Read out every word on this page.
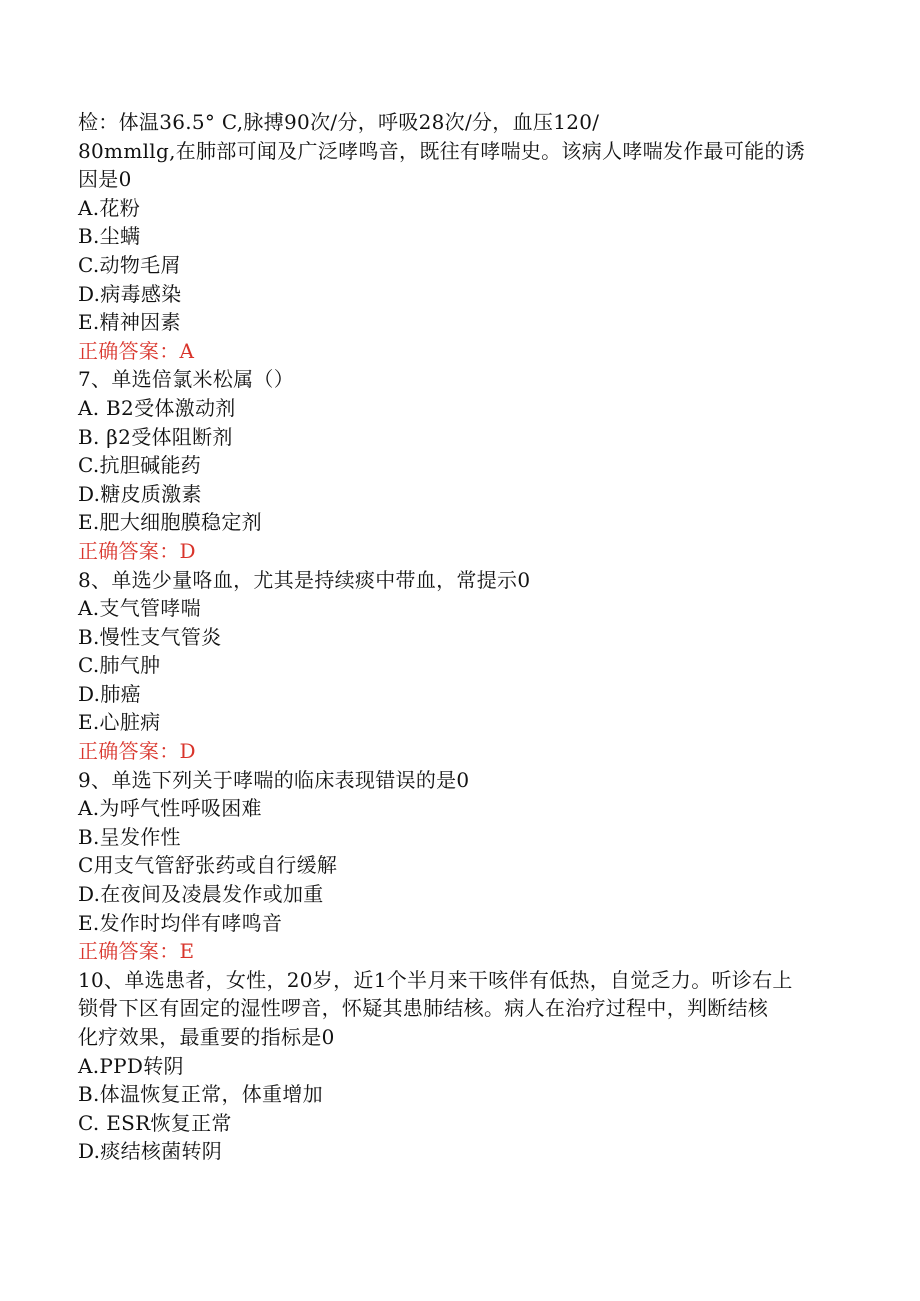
检：体温36.5° C,脉搏90次/分，呼吸28次/分，血压120/
80mmllg,在肺部可闻及广泛哮鸣音，既往有哮喘史。该病人哮喘发作最可能的诱
因是0
A.花粉
B.尘螨
C.动物毛屑
D.病毒感染
E.精神因素
正确答案：A
7、单选倍氯米松属（）
A. B2受体激动剂
B. β2受体阻断剂
C.抗胆碱能药
D.糖皮质激素
E.肥大细胞膜稳定剂
正确答案：D
8、单选少量咯血，尤其是持续痰中带血，常提示0
A.支气管哮喘
B.慢性支气管炎
C.肺气肿
D.肺癌
E.心脏病
正确答案：D
9、单选下列关于哮喘的临床表现错误的是0
A.为呼气性呼吸困难
B.呈发作性
C用支气管舒张药或自行缓解
D.在夜间及凌晨发作或加重
E.发作时均伴有哮鸣音
正确答案：E
10、单选患者，女性，20岁，近1个半月来干咳伴有低热，自觉乏力。听诊右上
锁骨下区有固定的湿性啰音，怀疑其患肺结核。病人在治疗过程中，判断结核
化疗效果，最重要的指标是0
A.PPD转阴
B.体温恢复正常，体重增加
C. ESR恢复正常
D.痰结核菌转阴
